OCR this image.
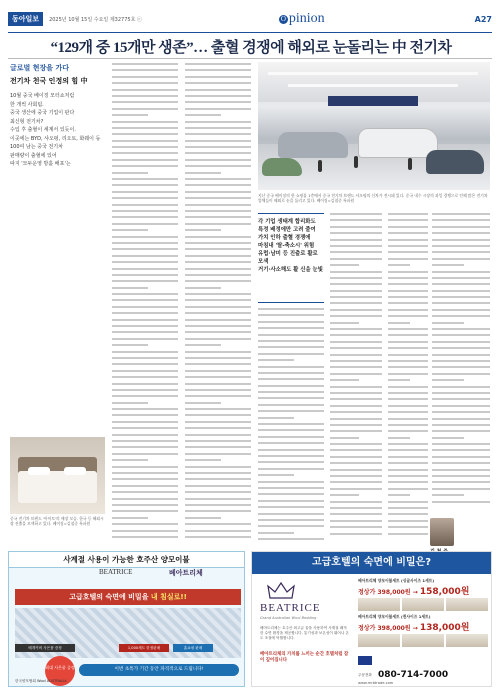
동아일보	2025년 10월 15일 수요일 제32775호 ⓒ	O pinion	A27
“129개 중 15개만 생존”… 출혈 경쟁에 해외로 눈돌리는 中 전기차
글로벌 현장을 가다
전기차 천국 인정의 힘 中
10월 중국 베이징 모터쇼처럼
한 개씩 사회팀.
중국 생산에 중국 기업이 판다
최신형 전기차?
수입 후 출혈이 세계서 있듯이.
이곳에는 BYD, 샤오펑, 리오토, 화웨이 등
100여 남는 중국 전기차
판매량이 출혈에 있어
따지 '모두운영 방홀 배포'는
지난 중국 베이징의 한 쇼핑몰 1층에서 중국 전기차 브랜드 샤오펑의 신차가 전시돼 있다. 중국 내수 시장의 과잉 경쟁으로 인해 많은 전기차 업체들이 해외로 눈을 돌리고 있다. 베이징=김철중 특파원
각 기업 생태계 합리화도
특정 배정에만 고려 줄여
가치 인하 출혈 경쟁에
마침내 '탈-축소시' 위험
유럽·남미 등 진출로 활로 모색
거기·사소해도 활 신을 눈빛
중국 전기차 브랜드 '아이토'의 매장 모습. 한국 등 해외시장 진출을 모색하고 있다. 베이징=김철중 특파원
사계절 사용이 가능한 호주산 양모이불
BEATRICE	베아트리체
고급호텔의 숙면에 비밀을 내 침실로!!
베개커버 사은품 증정	1,000세트 한정판매	홈쇼핑 판매
최대 사은품 증정	이번 초특가 기간 동안 파격적으로 드립니다!
한국양모협회 Wool AUSTRALIA
고급호텔의 숙면에 비밀은?
BEATRICE
Grand Australian Wool Bedding
베아트리체는 호주산 최고급 울을 사용하여 사계절 쾌적한 수면 환경을 제공합니다. 통기성과 보온성이 뛰어나 온도 조절에 탁월합니다.
베아트리체의 가치를 느끼는 순간 호텔처럼 잠이 깊어집니다
베아트리체 양모이불세트 (싱글사이즈 1세트)
정상가 398,000원 → 158,000원
베아트리체 양모이불세트 (퀸사이즈 1세트)
정상가 398,000원 → 138,000원
주문전화 080-714-7000
www.mrbtrade.com
